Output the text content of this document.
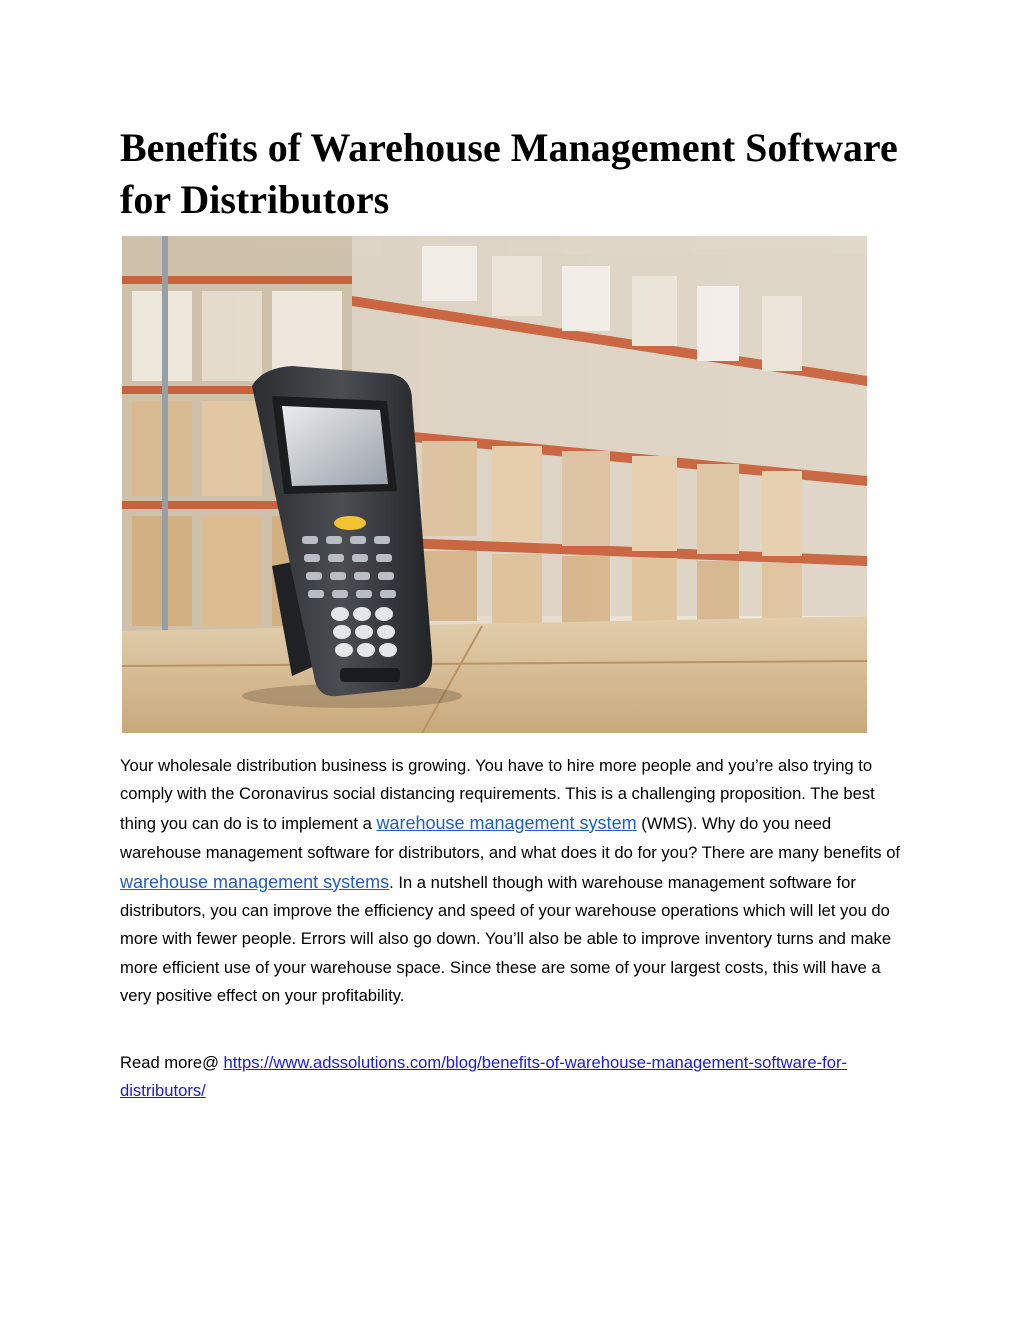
Benefits of Warehouse Management Software for Distributors

Your wholesale distribution business is growing. You have to hire more people and you’re also trying to comply with the Coronavirus social distancing requirements. This is a challenging proposition. The best thing you can do is to implement a warehouse management system (WMS). Why do you need warehouse management software for distributors, and what does it do for you? There are many benefits of warehouse management systems. In a nutshell though with warehouse management software for distributors, you can improve the efficiency and speed of your warehouse operations which will let you do more with fewer people. Errors will also go down. You’ll also be able to improve inventory turns and make more efficient use of your warehouse space. Since these are some of your largest costs, this will have a very positive effect on your profitability.

Read more@ https://www.adssolutions.com/blog/benefits-of-warehouse-management-software-for-distributors/
